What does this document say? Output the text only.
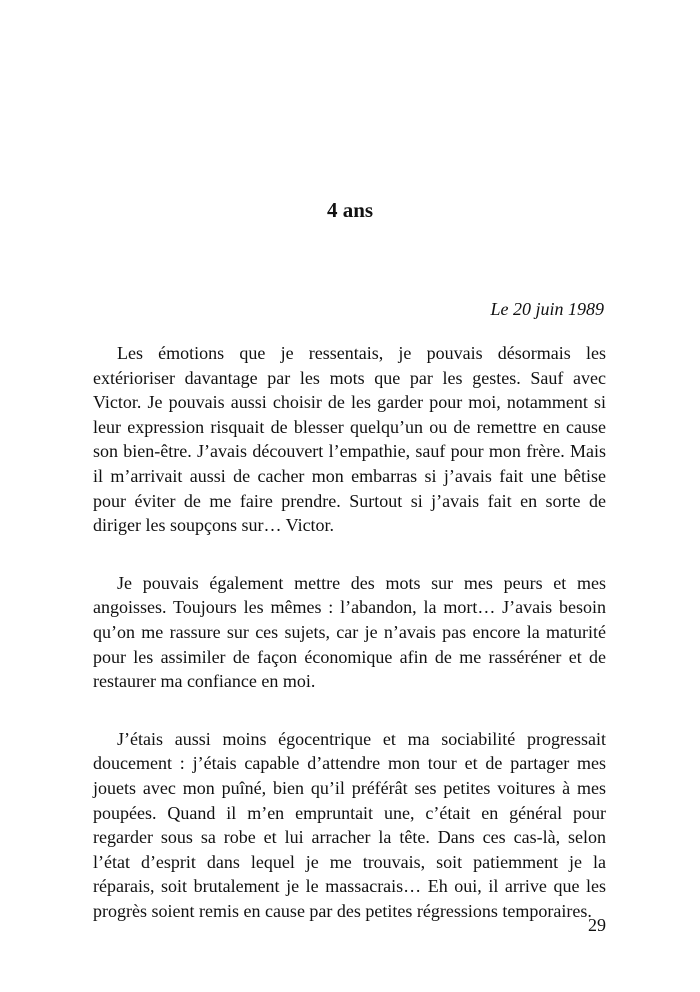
4 ans

Le 20 juin 1989

Les émotions que je ressentais, je pouvais désormais les extérioriser davantage par les mots que par les gestes. Sauf avec Victor. Je pouvais aussi choisir de les garder pour moi, notamment si leur expression risquait de blesser quelqu’un ou de remettre en cause son bien-être. J’avais découvert l’empathie, sauf pour mon frère. Mais il m’arrivait aussi de cacher mon embarras si j’avais fait une bêtise pour éviter de me faire prendre. Surtout si j’avais fait en sorte de diriger les soupçons sur… Victor.

Je pouvais également mettre des mots sur mes peurs et mes angoisses. Toujours les mêmes : l’abandon, la mort… J’avais besoin qu’on me rassure sur ces sujets, car je n’avais pas encore la maturité pour les assimiler de façon économique afin de me rasséréner et de restaurer ma confiance en moi.

J’étais aussi moins égocentrique et ma sociabilité progressait doucement : j’étais capable d’attendre mon tour et de partager mes jouets avec mon puîné, bien qu’il préférât ses petites voitures à mes poupées. Quand il m’en empruntait une, c’était en général pour regarder sous sa robe et lui arracher la tête. Dans ces cas-là, selon l’état d’esprit dans lequel je me trouvais, soit patiemment je la réparais, soit brutalement je le massacrais… Eh oui, il arrive que les progrès soient remis en cause par des petites régressions temporaires.

29
